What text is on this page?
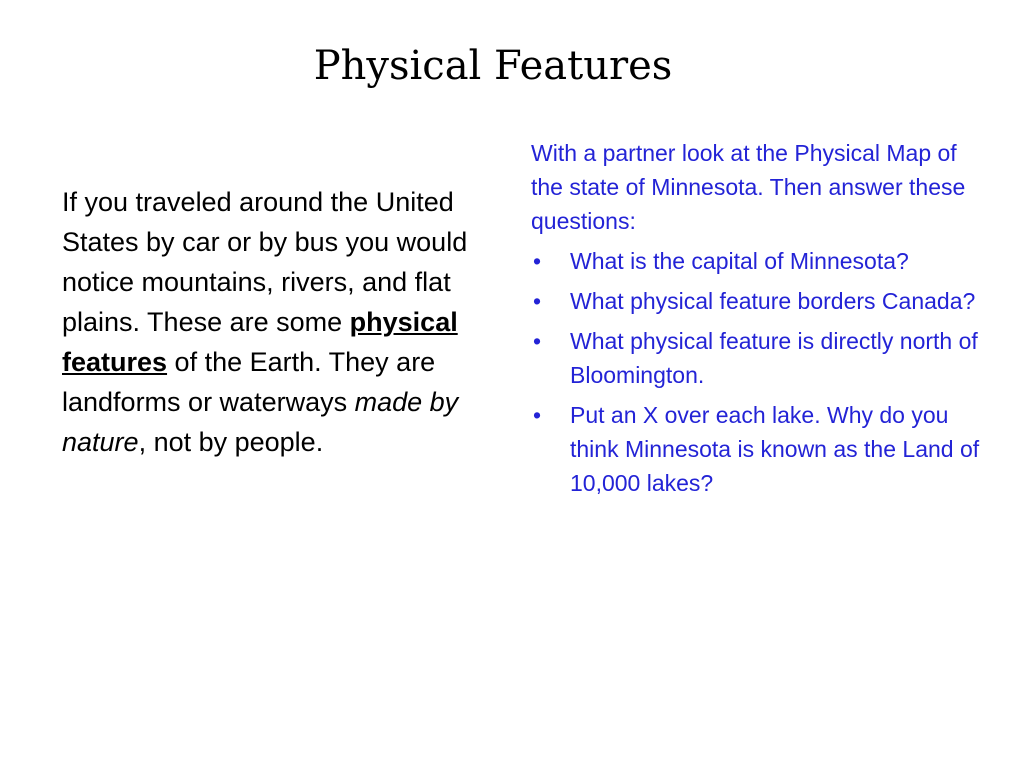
Physical Features

If you traveled around the United States by car or by bus you would notice mountains, rivers, and flat plains. These are some physical features of the Earth. They are landforms or waterways made by nature, not by people.

With a partner look at the Physical Map of the state of Minnesota. Then answer these questions:

• What is the capital of Minnesota?
• What physical feature borders Canada?
• What physical feature is directly north of Bloomington.
• Put an X over each lake. Why do you think Minnesota is known as the Land of 10,000 lakes?
